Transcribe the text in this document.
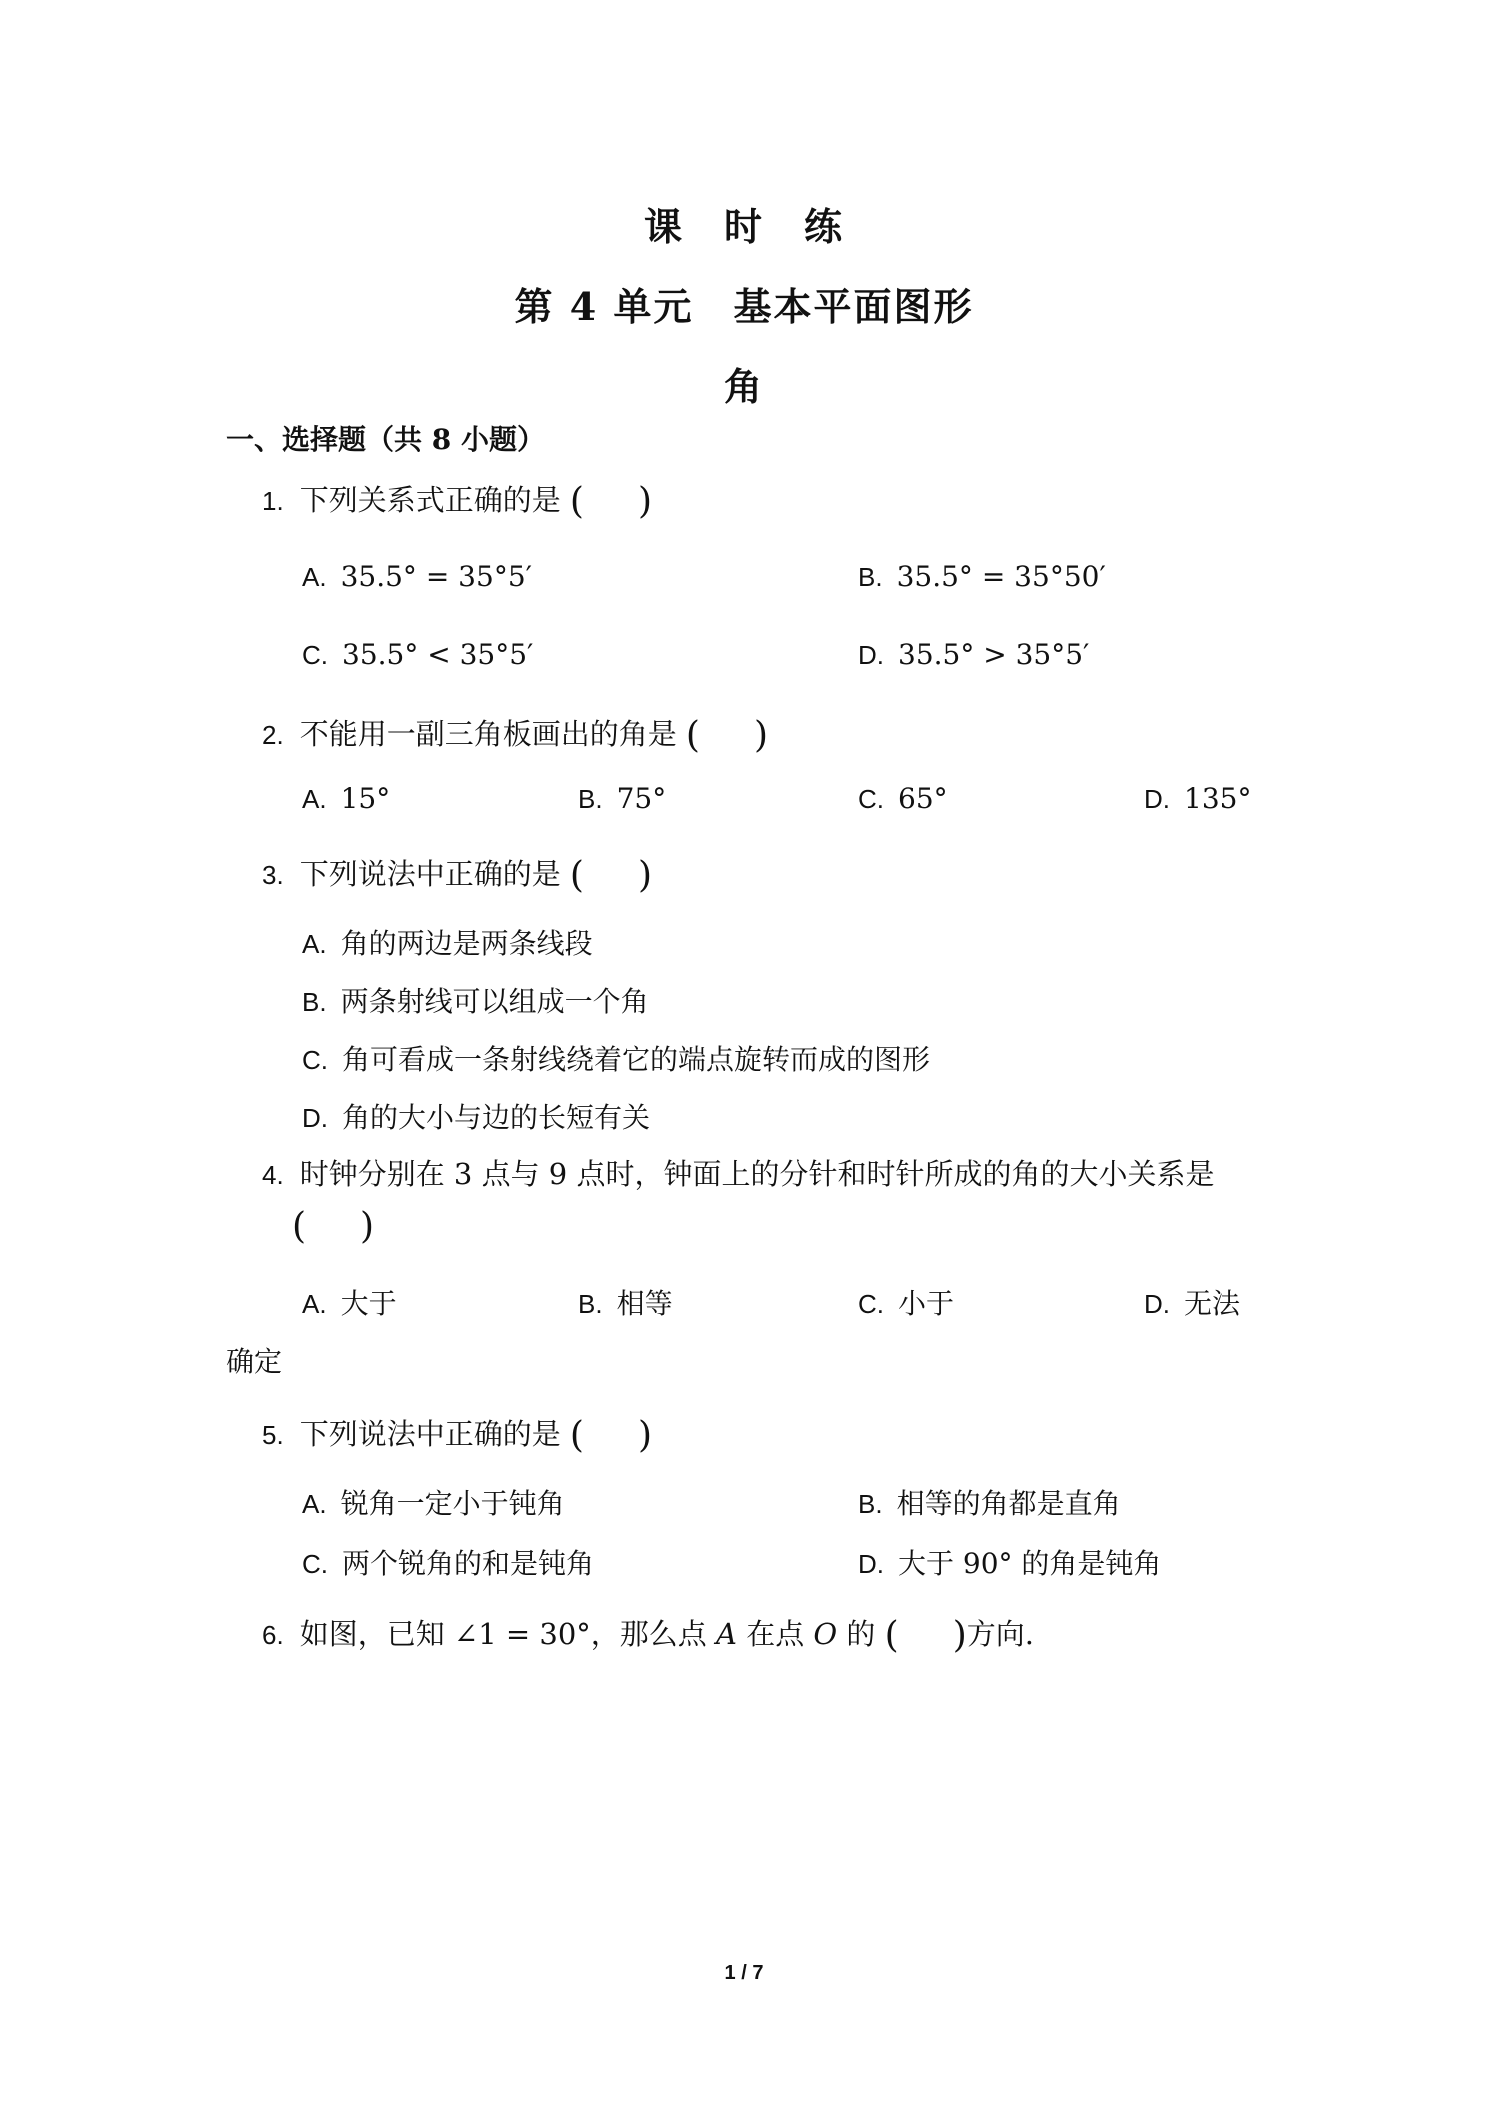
课　时　练
第 4 单元　基本平面图形
角
一、选择题（共 8 小题）
1. 下列关系式正确的是 ( )
A. 35.5° = 35°5′	B. 35.5° = 35°50′
C. 35.5° < 35°5′	D. 35.5° > 35°5′
2. 不能用一副三角板画出的角是 ( )
A. 15°	B. 75°	C. 65°	D. 135°
3. 下列说法中正确的是 ( )
A. 角的两边是两条线段
B. 两条射线可以组成一个角
C. 角可看成一条射线绕着它的端点旋转而成的图形
D. 角的大小与边的长短有关
4. 时钟分别在 3 点与 9 点时，钟面上的分针和时针所成的角的大小关系是
( )
A. 大于	B. 相等	C. 小于	D. 无法
确定
5. 下列说法中正确的是 ( )
A. 锐角一定小于钝角	B. 相等的角都是直角
C. 两个锐角的和是钝角	D. 大于 90° 的角是钝角
6. 如图，已知 ∠1 = 30°，那么点 A 在点 O 的 ( )方向.
1 / 7
